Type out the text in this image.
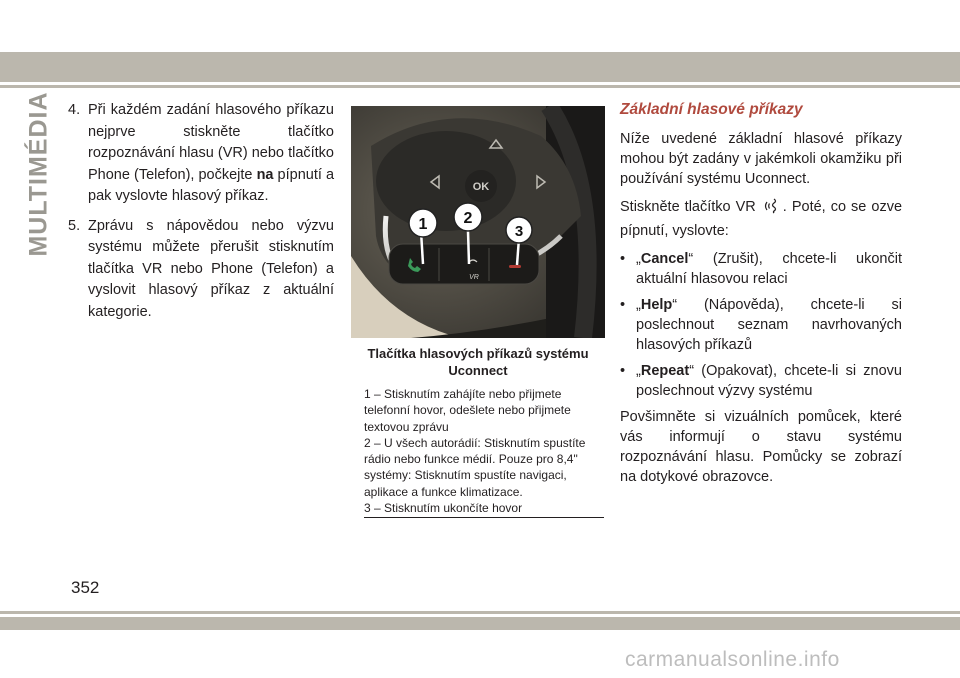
MULTIMÉDIA 4. Při každém zadání hlasového příkazu nejprve stiskněte tlačítko rozpoznávání hlasu (VR) nebo tlačítko Phone (Telefon), počkejte na pípnutí a pak vyslovte hlasový příkaz.
5. Zprávu s nápovědou nebo výzvu systému můžete přerušit stisknutím tlačítka VR nebo Phone (Telefon) a vyslovit hlasový příkaz z aktuální kategorie.
OK
VR
1 2
3
Tlačítka hlasových příkazů systému Uconnect
1 – Stisknutím zahájíte nebo přijmete telefonní hovor, odešlete nebo přijmete textovou zprávu
2 – U všech autorádií: Stisknutím spustíte rádio nebo funkce médií. Pouze pro 8,4" systémy: Stisknutím spustíte navigaci, aplikace a funkce klimatizace.
3 – Stisknutím ukončíte hovor
Základní hlasové příkazy

Níže uvedené základní hlasové příkazy mohou být zadány v jakémkoli okamžiku při používání systému Uconnect.

Stiskněte tlačítko VR . Poté, co se ozve pípnutí, vyslovte:

• „Cancel“ (Zrušit), chcete-li ukončit aktuální hlasovou relaci
• „Help“ (Nápověda), chcete-li si poslechnout seznam navrhovaných hlasových příkazů
• „Repeat“ (Opakovat), chcete-li si znovu poslechnout výzvy systému

Povšimněte si vizuálních pomůcek, které vás informují o stavu systému rozpoznávání hlasu. Pomůcky se zobrazí na dotykové obrazovce.

352
carmanualsonline.info
